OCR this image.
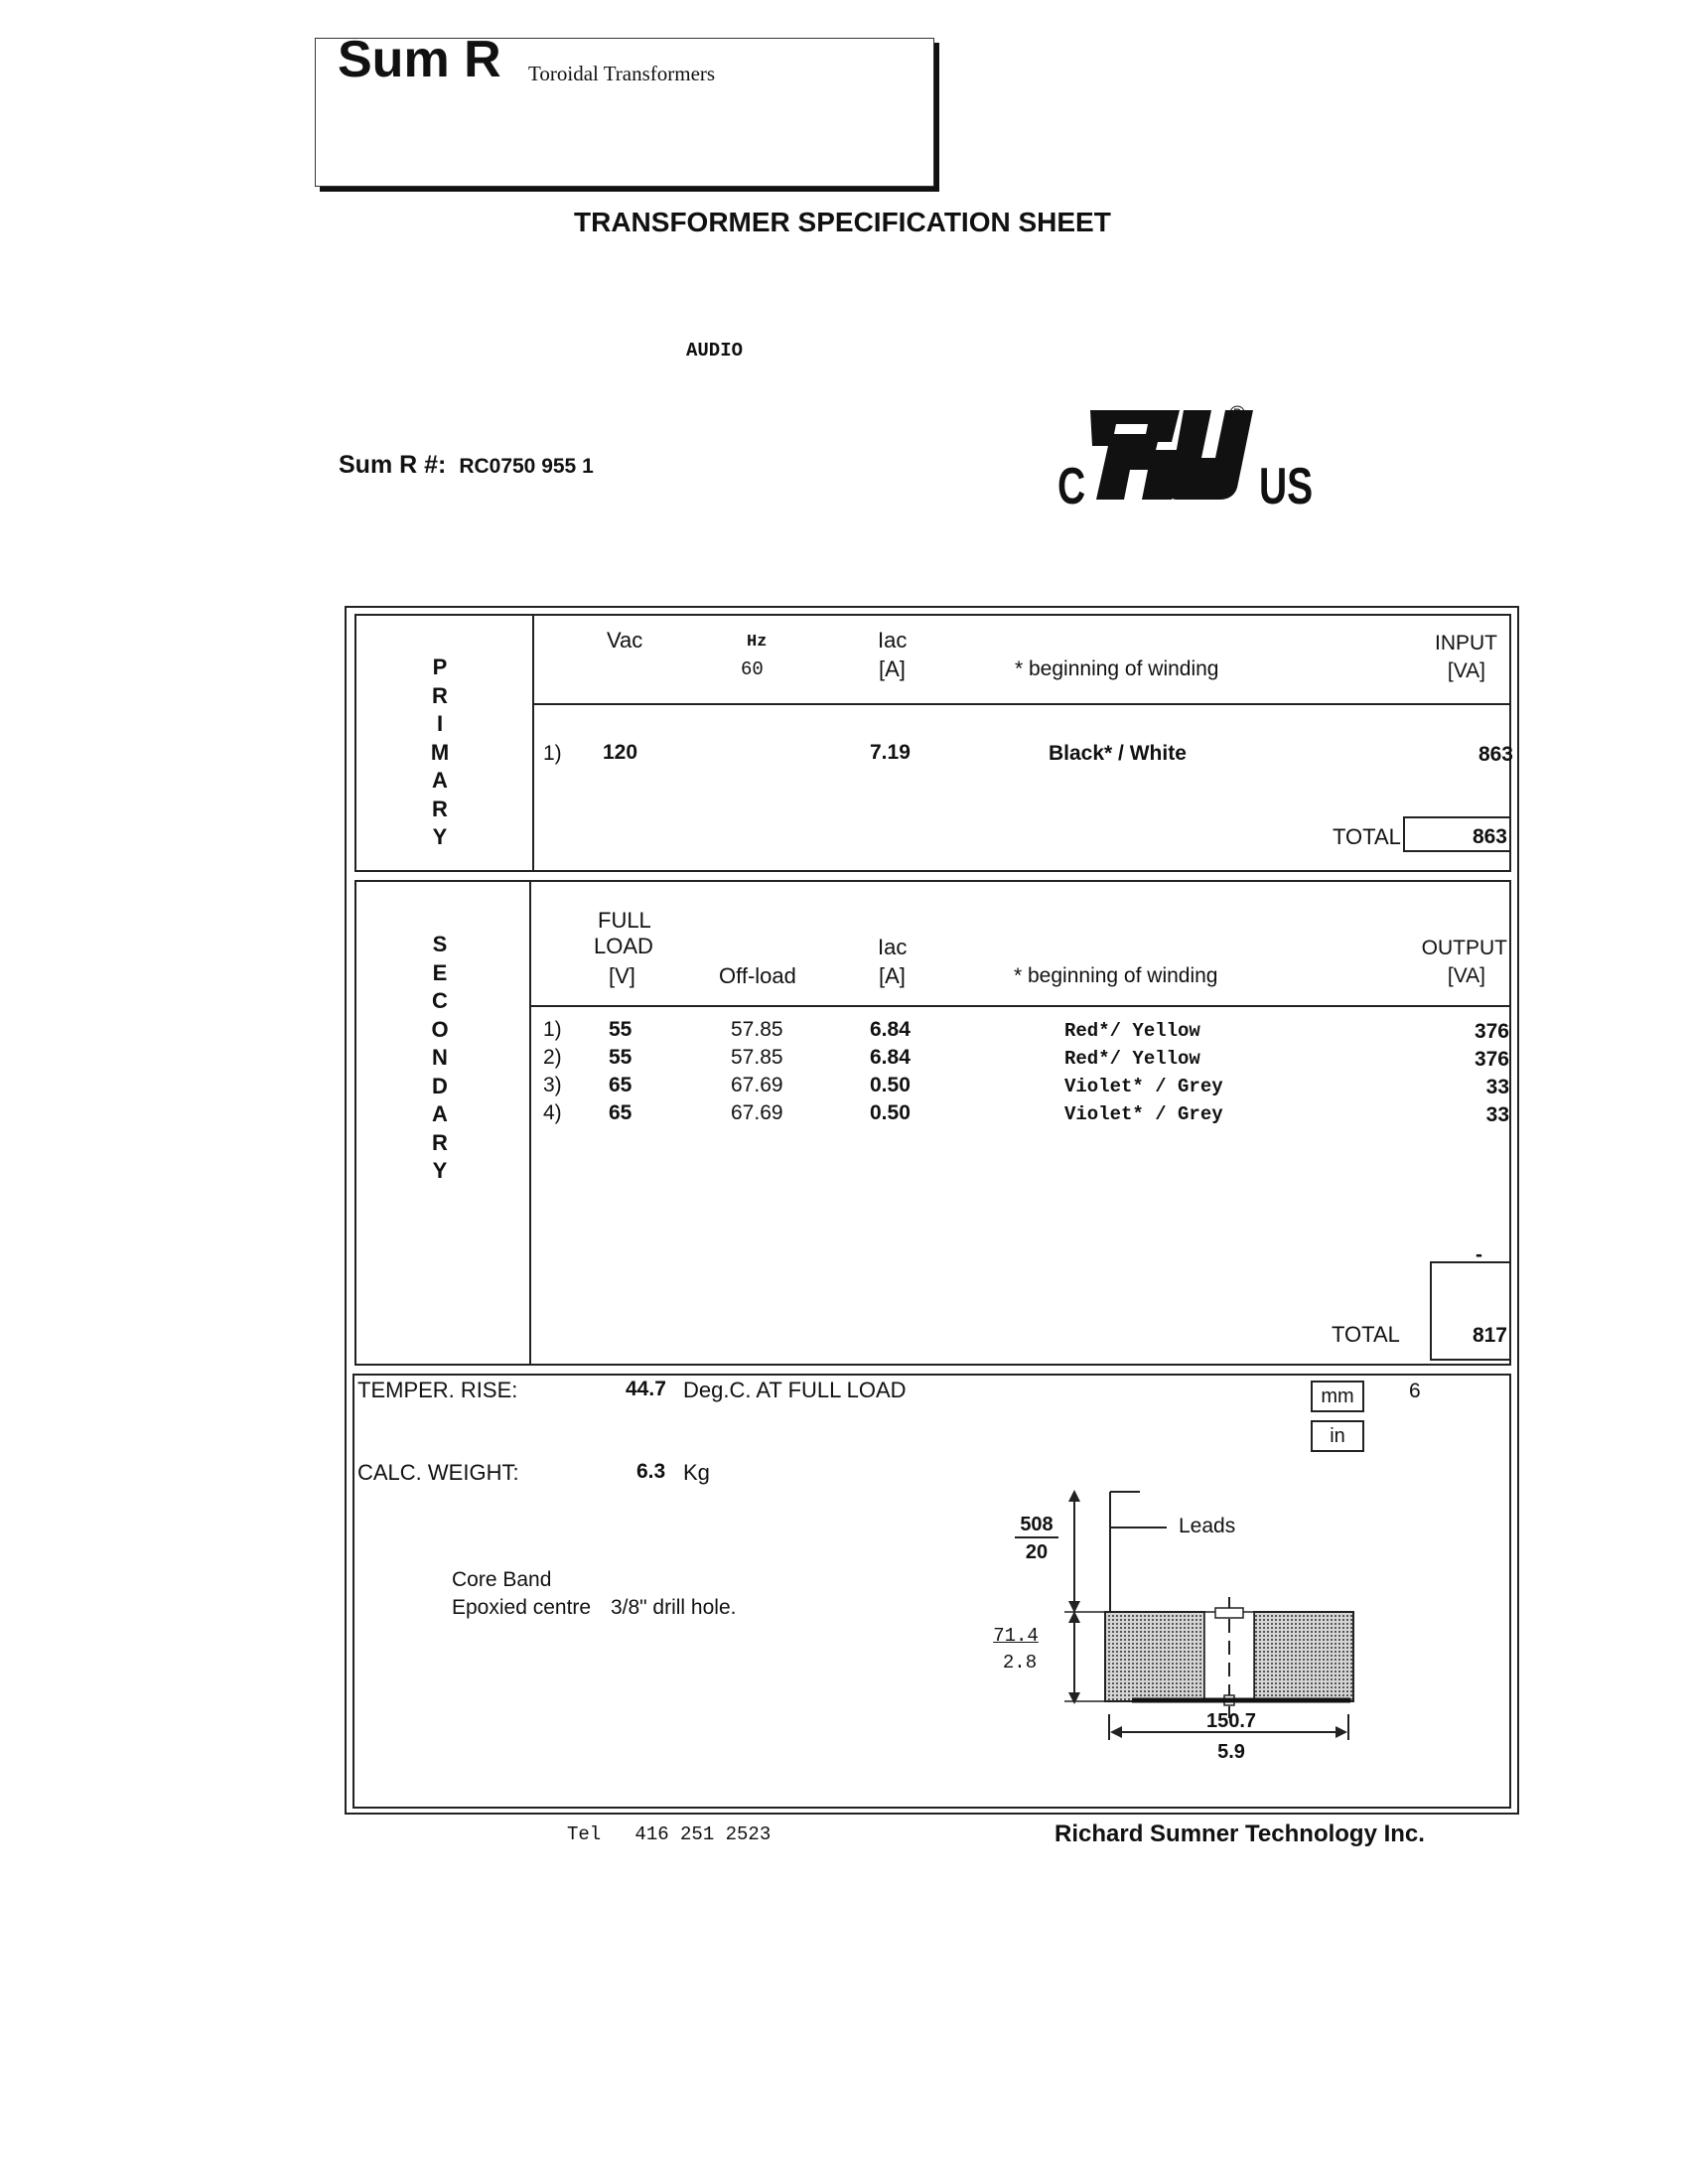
Sum R Toroidal Transformers
TRANSFORMER SPECIFICATION SHEET
AUDIO
Sum R #: RC0750 955 1	C	US
®
P
R
I
M
A
R
Y
Vac	Hz
60
Iac
[A]	* beginning of winding
INPUT
[VA]
1) 120	7.19	Black* / White	863
TOTAL	863
S
E
C
O
N
D
A
R
Y
FULL
LOAD
[V]	Off-load
Iac
[A]	* beginning of winding
OUTPUT
[VA]
1) 55	57.85	6.84	Red*/ Yellow	376
2) 55	57.85	6.84	Red*/ Yellow	376
3) 65	67.69	0.50	Violet* / Grey	33
4) 65	67.69	0.50	Violet* / Grey	33
-
TOTAL	817
TEMPER. RISE:	44.7 Deg.C. AT FULL LOAD
CALC. WEIGHT:	6.3 Kg
mm
in
6
Core Band
Epoxied centre 3/8" drill hole.
Leads
508
20
71.4
2.8
150.7
5.9
Tel   416 251 2523	Richard Sumner Technology Inc.
